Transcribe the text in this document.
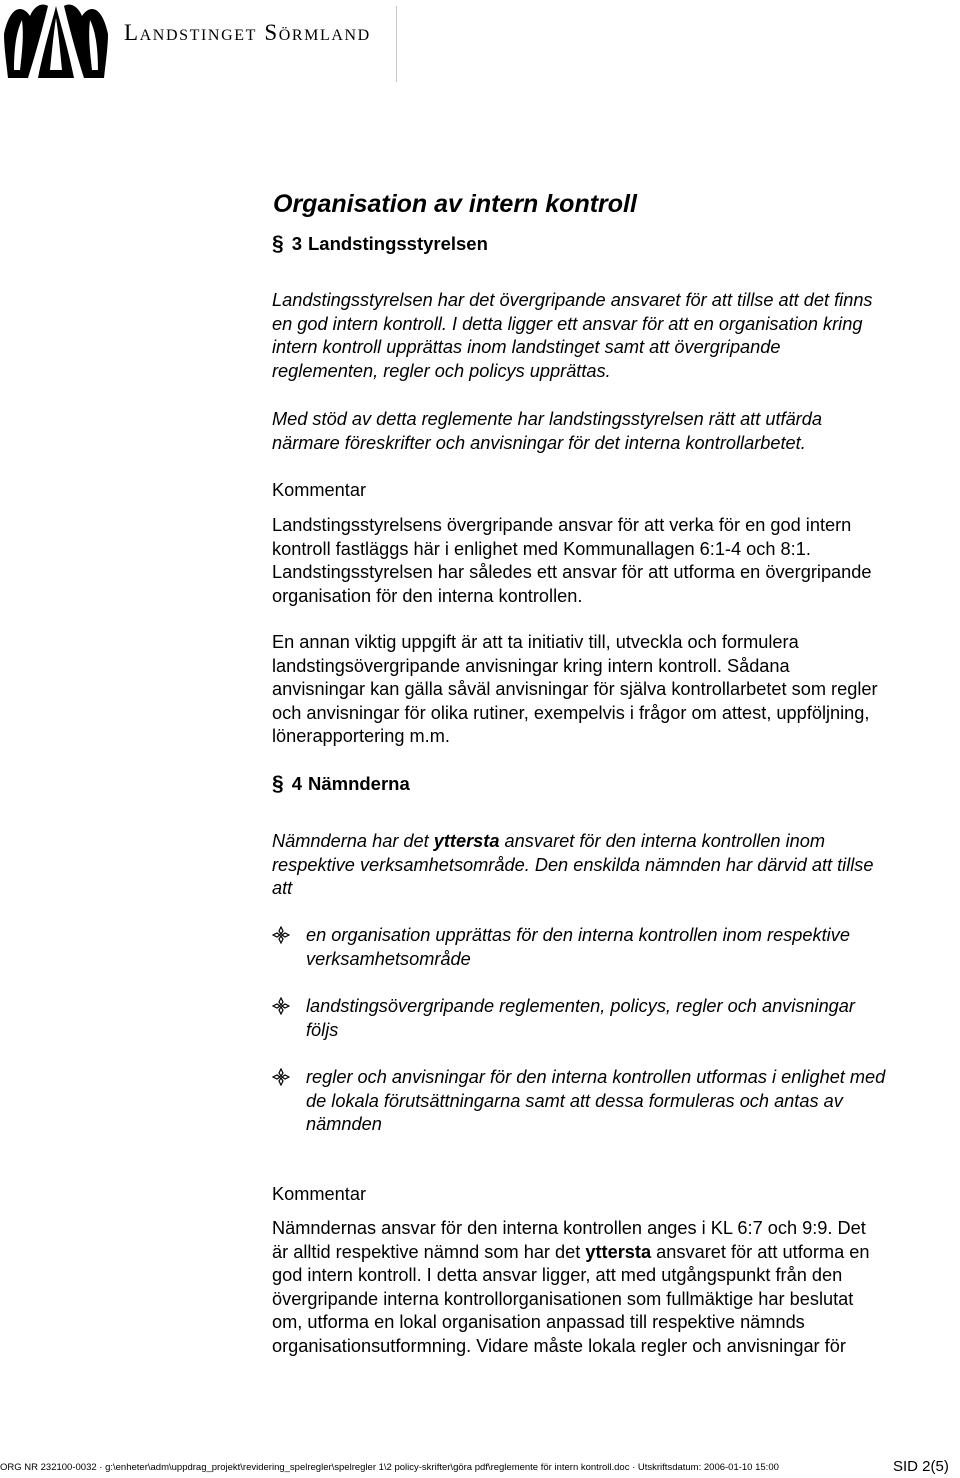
Landstinget Sörmland
Organisation av intern kontroll
§ 3 Landstingsstyrelsen

Landstingsstyrelsen har det övergripande ansvaret för att tillse att det finns
en god intern kontroll. I detta ligger ett ansvar för att en organisation kring
intern kontroll upprättas inom landstinget samt att övergripande
reglementen, regler och policys upprättas.

Med stöd av detta reglemente har landstingsstyrelsen rätt att utfärda
närmare föreskrifter och anvisningar för det interna kontrollarbetet.

Kommentar

Landstingsstyrelsens övergripande ansvar för att verka för en god intern
kontroll fastläggs här i enlighet med Kommunallagen 6:1-4 och 8:1.
Landstingsstyrelsen har således ett ansvar för att utforma en övergripande
organisation för den interna kontrollen.

En annan viktig uppgift är att ta initiativ till, utveckla och formulera
landstingsövergripande anvisningar kring intern kontroll. Sådana
anvisningar kan gälla såväl anvisningar för själva kontrollarbetet som regler
och anvisningar för olika rutiner, exempelvis i frågor om attest, uppföljning,
lönerapportering m.m.

§ 4 Nämnderna

Nämnderna har det yttersta ansvaret för den interna kontrollen inom
respektive verksamhetsområde. Den enskilda nämnden har därvid att tillse
att

en organisation upprättas för den interna kontrollen inom respektive
verksamhetsområde
landstingsövergripande reglementen, policys, regler och anvisningar
följs
regler och anvisningar för den interna kontrollen utformas i enlighet med
de lokala förutsättningarna samt att dessa formuleras och antas av
nämnden
Kommentar

Nämndernas ansvar för den interna kontrollen anges i KL 6:7 och 9:9. Det
är alltid respektive nämnd som har det yttersta ansvaret för att utforma en
god intern kontroll. I detta ansvar ligger, att med utgångspunkt från den
övergripande interna kontrollorganisationen som fullmäktige har beslutat
om, utforma en lokal organisation anpassad till respektive nämnds
organisationsutformning. Vidare måste lokala regler och anvisningar för

ORG NR 232100-0032 · g:\enheter\adm\uppdrag_projekt\revidering_spelregler\spelregler 1\2 policy-skrifter\göra pdf\reglemente för intern kontroll.doc · Utskriftsdatum: 2006-01-10 15:00	SID 2(5)
